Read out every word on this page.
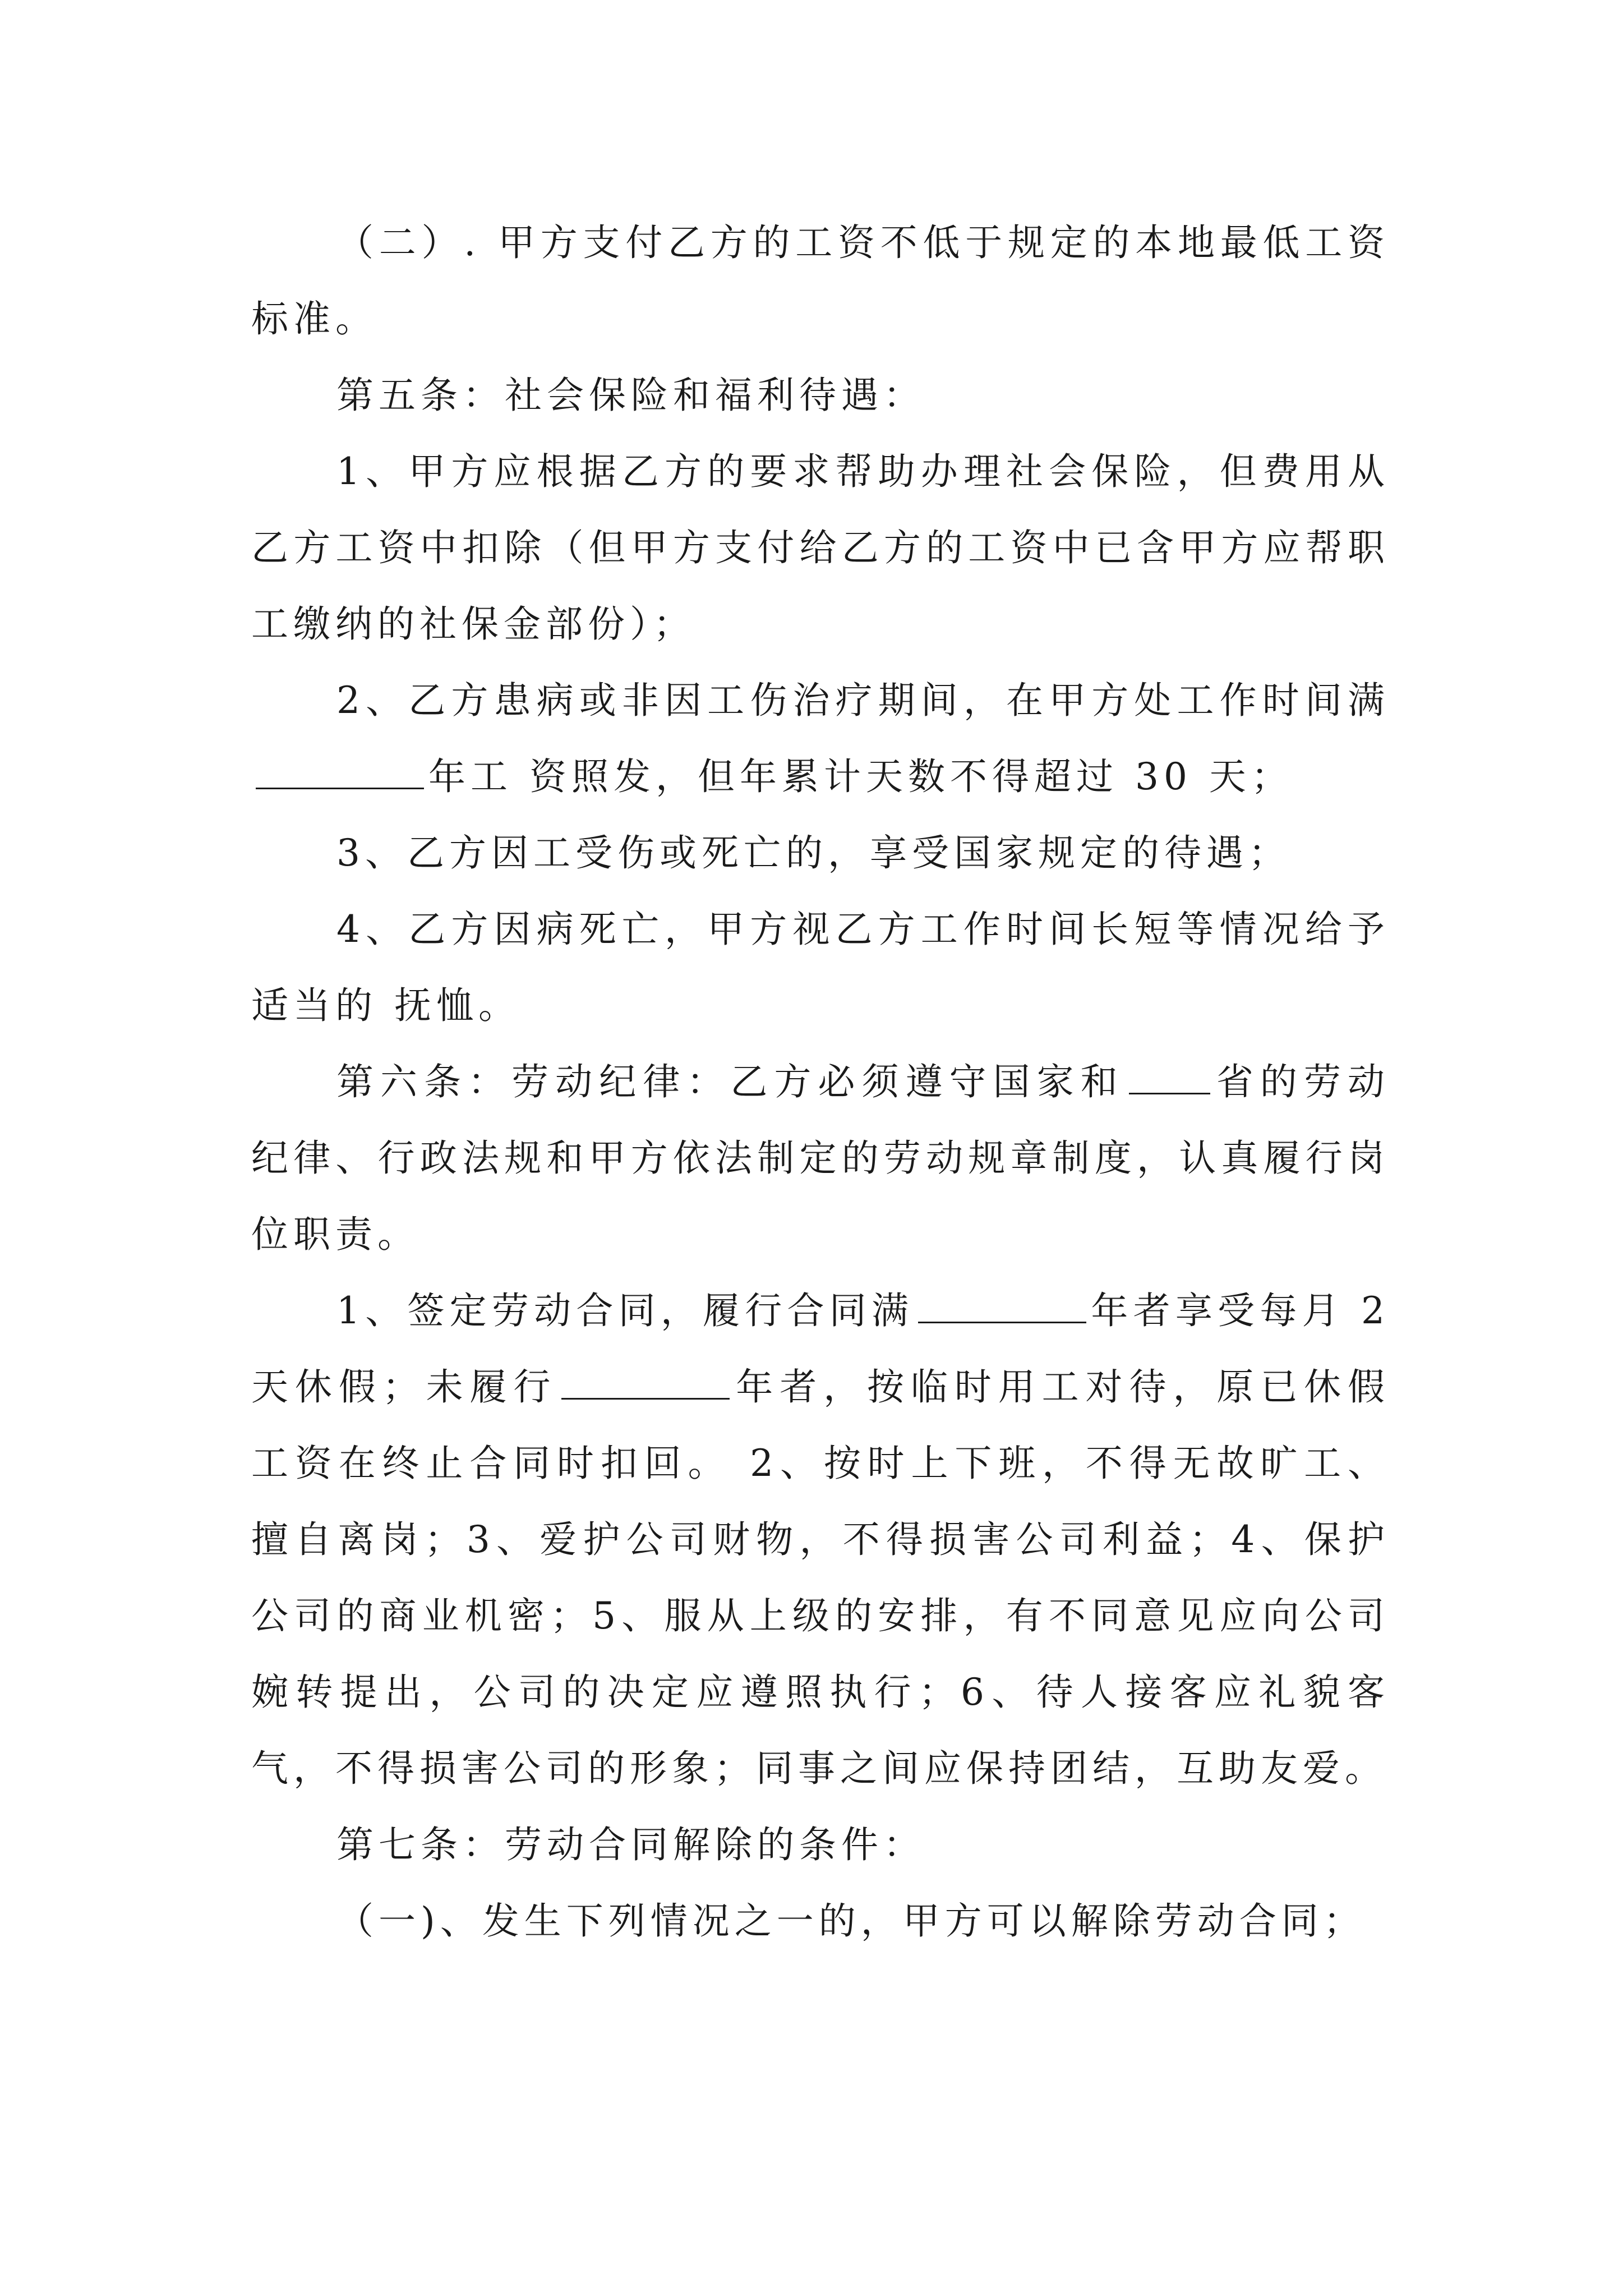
（二）. 甲方支付乙方的工资不低于规定的本地最低工资标准。

第五条：社会保险和福利待遇：

1、甲方应根据乙方的要求帮助办理社会保险，但费用从乙方工资中扣除（但甲方支付给乙方的工资中已含甲方应帮职工缴纳的社保金部份）；

2、乙方患病或非因工伤治疗期间，在甲方处工作时间满年工 资照发，但年累计天数不得超过 30 天；

3、乙方因工受伤或死亡的，享受国家规定的待遇；

4、乙方因病死亡，甲方视乙方工作时间长短等情况给予适当的 抚恤。

第六条：劳动纪律：乙方必须遵守国家和 省的劳动纪律、行政法规和甲方依法制定的劳动规章制度，认真履行岗位职责。

1、签定劳动合同，履行合同满	年者享受每月 2 天休假；未履行	年者，按临时用工对待，原已休假工资在终止合同时扣回。 2、按时上下班，不得无故旷工、擅自离岗；3、爱护公司财物，不得损害公司利益；4、保护公司的商业机密；5、服从上级的安排，有不同意见应向公司婉转提出，公司的决定应遵照执行；6、待人接客应礼貌客气，不得损害公司的形象；同事之间应保持团结，互助友爱。

第七条：劳动合同解除的条件：

（一)、发生下列情况之一的，甲方可以解除劳动合同；
